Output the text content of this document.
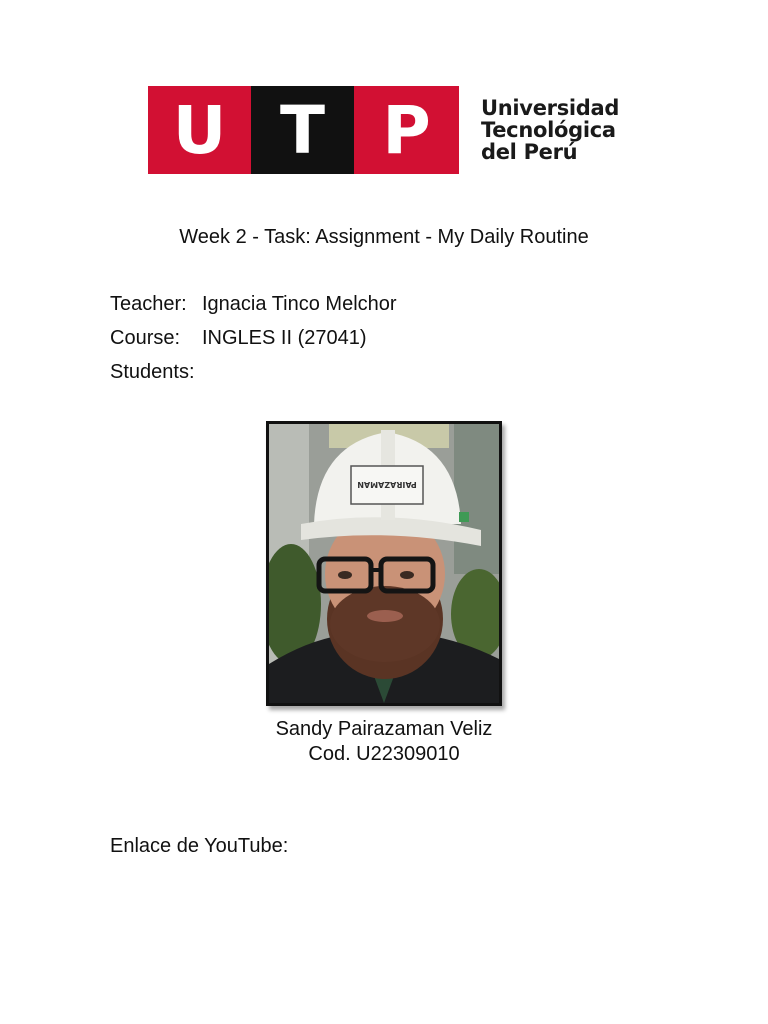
U T P	Universidad
Tecnológica
del Perú
Week 2 - Task: Assignment - My Daily Routine
Teacher: Ignacia Tinco Melchor
Course:	INGLES II (27041)
Students:
PAIRAZAMAN
Sandy Pairazaman Veliz
Cod. U22309010
Enlace de YouTube:
